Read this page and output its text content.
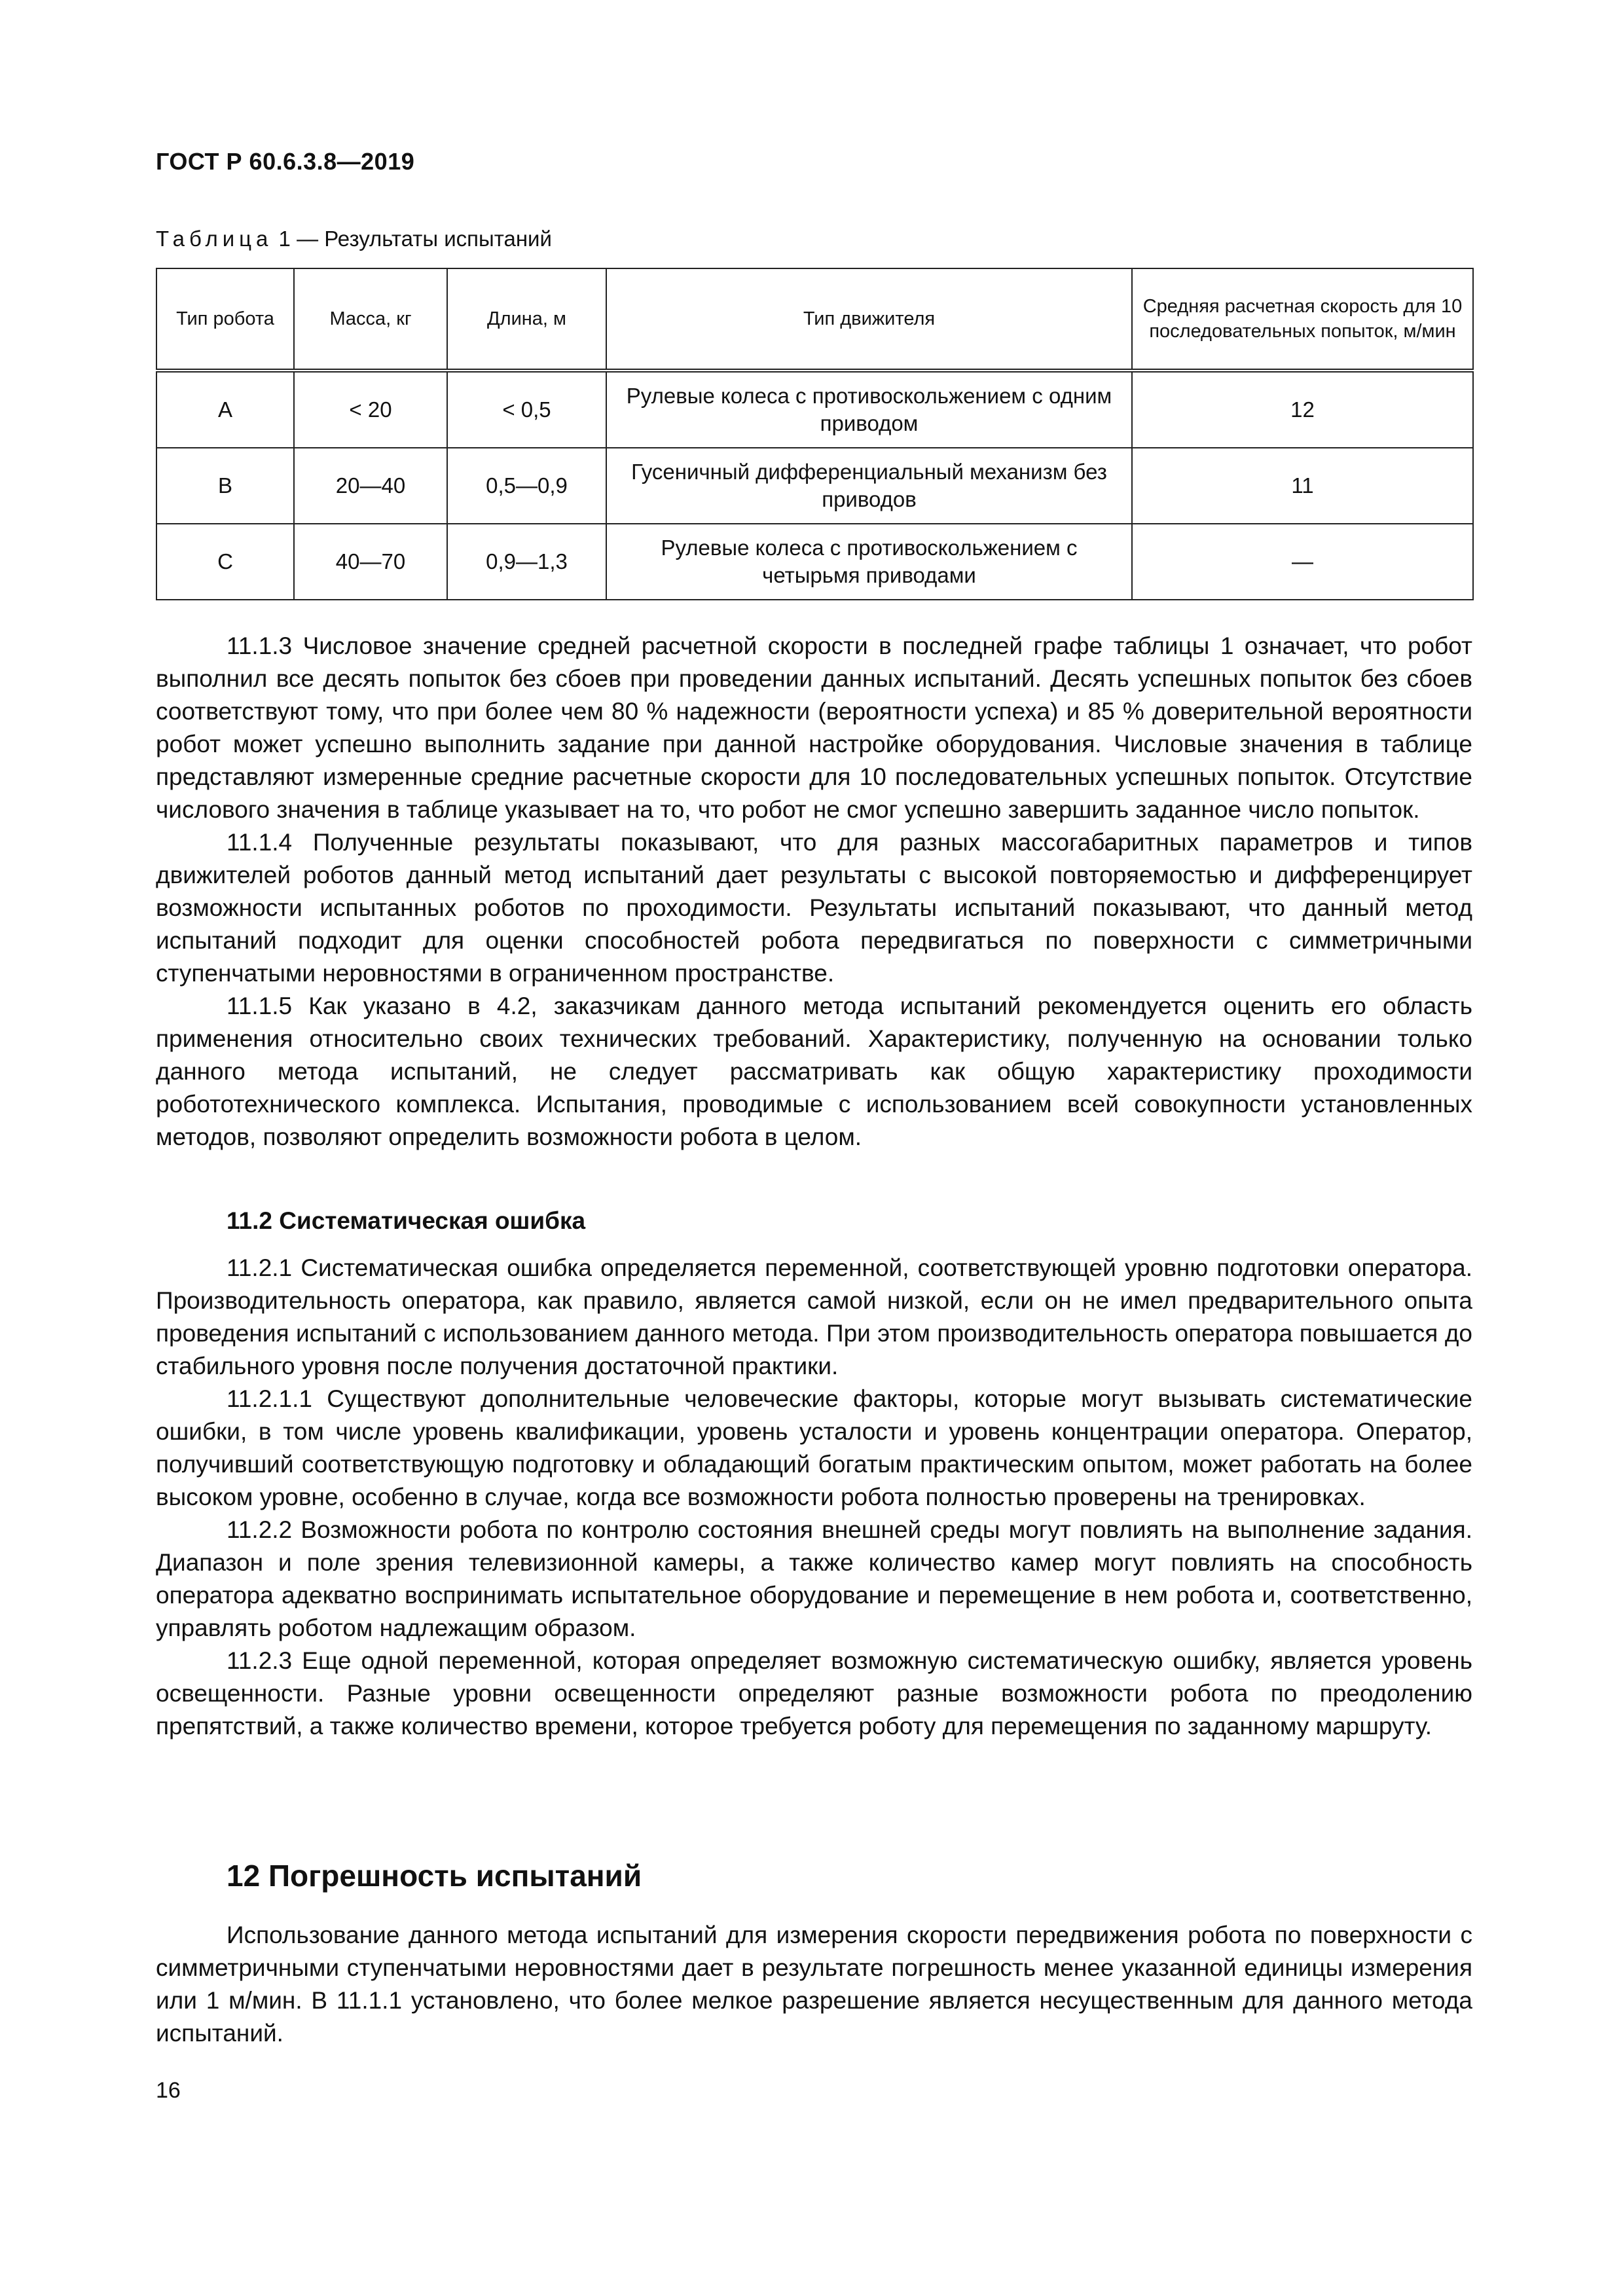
ГОСТ Р 60.6.3.8—2019
Таблица 1 — Результаты испытаний
Тип робота	Масса, кг	Длина, м	Тип движителя	Средняя расчетная скорость для 10 последовательных попыток, м/мин
A	< 20	< 0,5	Рулевые колеса с противоскольжением с одним приводом	12
B	20—40	0,5—0,9	Гусеничный дифференциальный механизм без приводов	11
C	40—70	0,9—1,3	Рулевые колеса с противоскольжением с четырьмя приводами	—

11.1.3 Числовое значение средней расчетной скорости в последней графе таблицы 1 означает, что робот выполнил все десять попыток без сбоев при проведении данных испытаний. Десять успешных попыток без сбоев соответствуют тому, что при более чем 80 % надежности (вероятности успеха) и 85 % доверительной вероятности робот может успешно выполнить задание при данной настройке оборудования. Числовые значения в таблице представляют измеренные средние расчетные скорости для 10 последовательных успешных попыток. Отсутствие числового значения в таблице указывает на то, что робот не смог успешно завершить заданное число попыток.

11.1.4 Полученные результаты показывают, что для разных массогабаритных параметров и типов движителей роботов данный метод испытаний дает результаты с высокой повторяемостью и дифференцирует возможности испытанных роботов по проходимости. Результаты испытаний показывают, что данный метод испытаний подходит для оценки способностей робота передвигаться по поверхности с симметричными ступенчатыми неровностями в ограниченном пространстве.

11.1.5 Как указано в 4.2, заказчикам данного метода испытаний рекомендуется оценить его область применения относительно своих технических требований. Характеристику, полученную на основании только данного метода испытаний, не следует рассматривать как общую характеристику проходимости робототехнического комплекса. Испытания, проводимые с использованием всей совокупности установленных методов, позволяют определить возможности робота в целом.

11.2 Систематическая ошибка

11.2.1 Систематическая ошибка определяется переменной, соответствующей уровню подготовки оператора. Производительность оператора, как правило, является самой низкой, если он не имел предварительного опыта проведения испытаний с использованием данного метода. При этом производительность оператора повышается до стабильного уровня после получения достаточной практики.

11.2.1.1 Существуют дополнительные человеческие факторы, которые могут вызывать систематические ошибки, в том числе уровень квалификации, уровень усталости и уровень концентрации оператора. Оператор, получивший соответствующую подготовку и обладающий богатым практическим опытом, может работать на более высоком уровне, особенно в случае, когда все возможности робота полностью проверены на тренировках.

11.2.2 Возможности робота по контролю состояния внешней среды могут повлиять на выполнение задания. Диапазон и поле зрения телевизионной камеры, а также количество камер могут повлиять на способность оператора адекватно воспринимать испытательное оборудование и перемещение в нем робота и, соответственно, управлять роботом надлежащим образом.

11.2.3 Еще одной переменной, которая определяет возможную систематическую ошибку, является уровень освещенности. Разные уровни освещенности определяют разные возможности робота по преодолению препятствий, а также количество времени, которое требуется роботу для перемещения по заданному маршруту.

12 Погрешность испытаний

Использование данного метода испытаний для измерения скорости передвижения робота по поверхности с симметричными ступенчатыми неровностями дает в результате погрешность менее указанной единицы измерения или 1 м/мин. В 11.1.1 установлено, что более мелкое разрешение является несущественным для данного метода испытаний.

16
